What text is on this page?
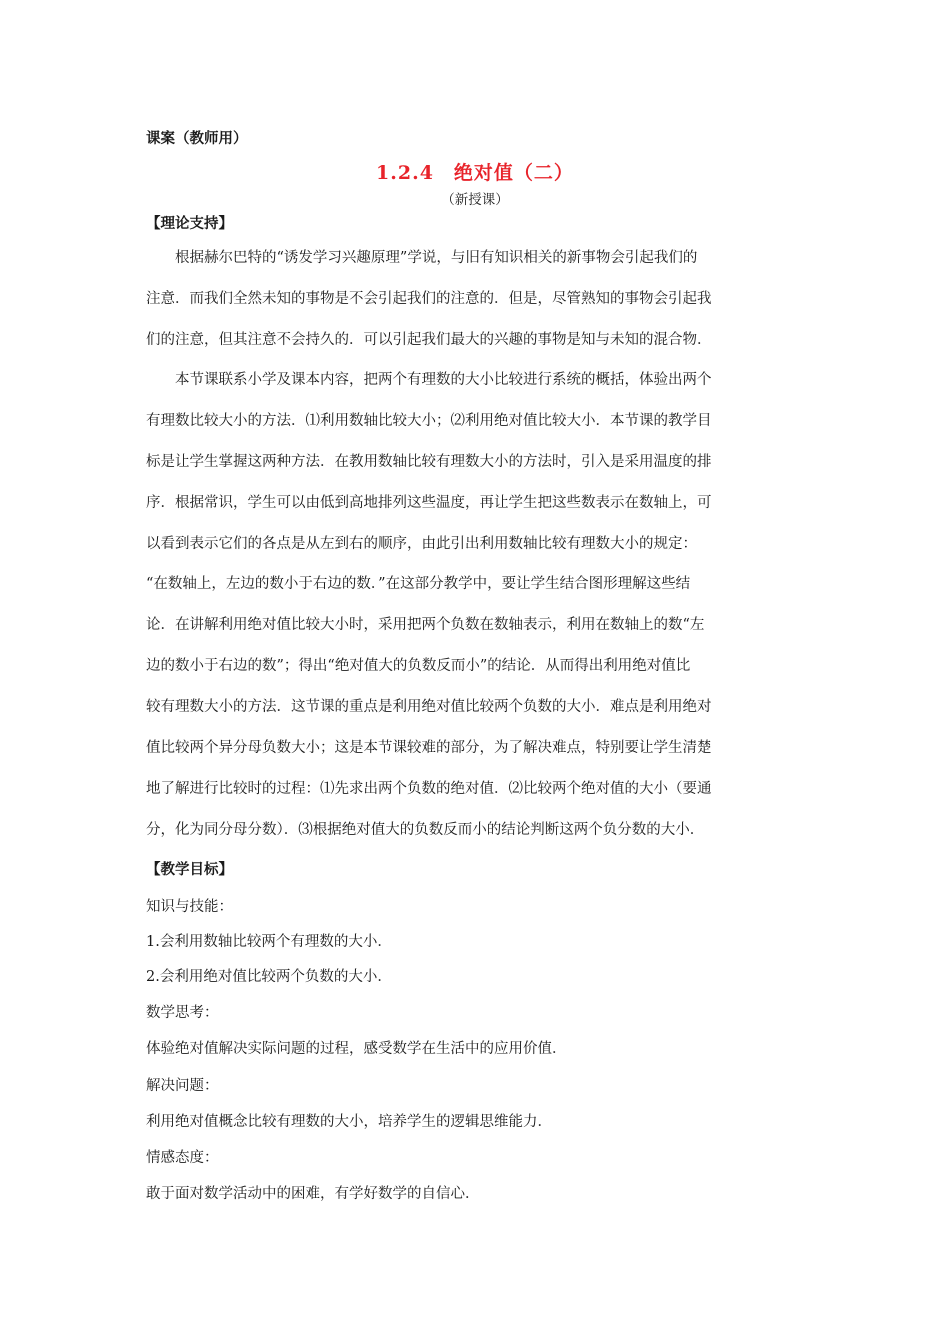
课案（教师用）
1.2.4　绝对值（二）
（新授课）
【理论支持】
　　根据赫尔巴特的“诱发学习兴趣原理”学说，与旧有知识相关的新事物会引起我们的
注意．而我们全然未知的事物是不会引起我们的注意的．但是，尽管熟知的事物会引起我
们的注意，但其注意不会持久的．可以引起我们最大的兴趣的事物是知与未知的混合物．
　　本节课联系小学及课本内容，把两个有理数的大小比较进行系统的概括，体验出两个
有理数比较大小的方法．⑴利用数轴比较大小；⑵利用绝对值比较大小．本节课的教学目
标是让学生掌握这两种方法．在教用数轴比较有理数大小的方法时，引入是采用温度的排
序．根据常识，学生可以由低到高地排列这些温度，再让学生把这些数表示在数轴上，可
以看到表示它们的各点是从左到右的顺序，由此引出利用数轴比较有理数大小的规定：
“在数轴上，左边的数小于右边的数．”在这部分教学中，要让学生结合图形理解这些结
论．在讲解利用绝对值比较大小时，采用把两个负数在数轴表示，利用在数轴上的数“左
边的数小于右边的数”；得出“绝对值大的负数反而小”的结论．从而得出利用绝对值比
较有理数大小的方法．这节课的重点是利用绝对值比较两个负数的大小．难点是利用绝对
值比较两个异分母负数大小；这是本节课较难的部分，为了解决难点，特别要让学生清楚
地了解进行比较时的过程：⑴先求出两个负数的绝对值．⑵比较两个绝对值的大小（要通
分，化为同分母分数）．⑶根据绝对值大的负数反而小的结论判断这两个负分数的大小．
【教学目标】
知识与技能：
1.会利用数轴比较两个有理数的大小．
2.会利用绝对值比较两个负数的大小．
数学思考：
体验绝对值解决实际问题的过程，感受数学在生活中的应用价值．
解决问题：
利用绝对值概念比较有理数的大小，培养学生的逻辑思维能力．
情感态度：
敢于面对数学活动中的困难，有学好数学的自信心．
